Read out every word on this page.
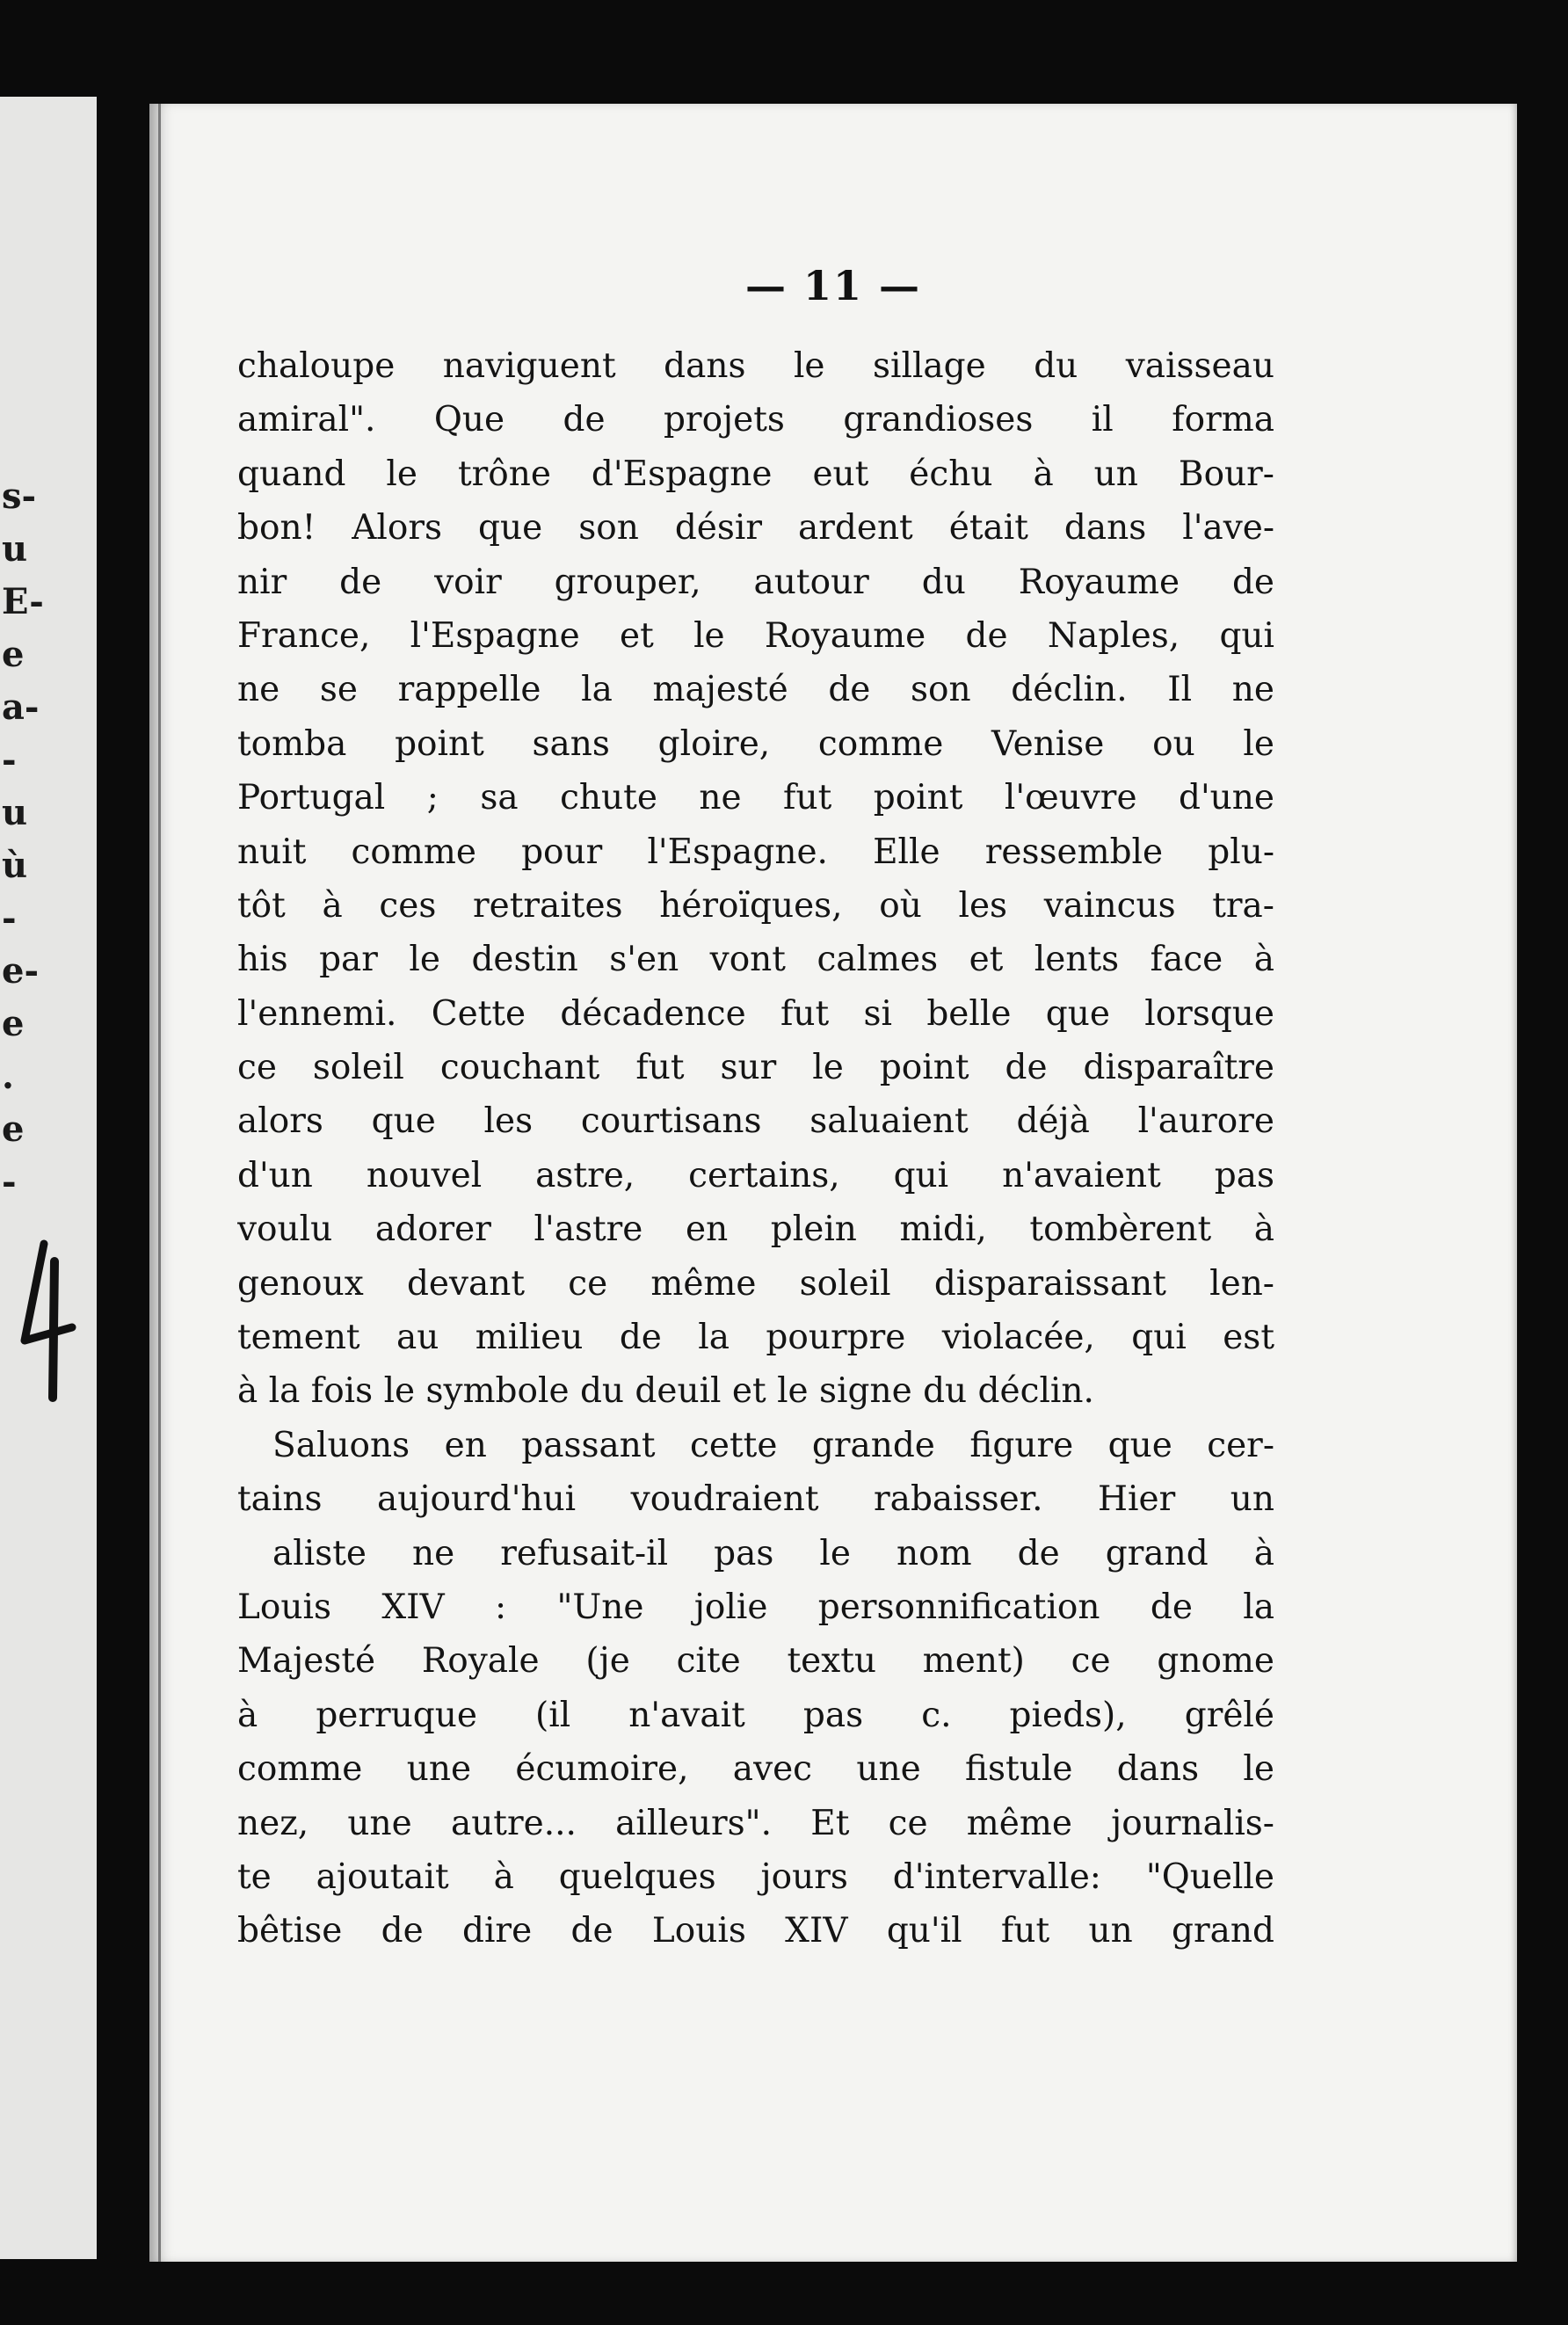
s-
u
E-
e
a-
-
u
ù
-
e-
e
.
e
-
— 11 —
chaloupe naviguent dans le sillage du vaisseau
amiral". Que de projets grandioses il forma
quand le trône d'Espagne eut échu à un Bour-
bon! Alors que son désir ardent était dans l'ave-
nir de voir grouper, autour du Royaume de
France, l'Espagne et le Royaume de Naples, qui
ne se rappelle la majesté de son déclin. Il ne
tomba point sans gloire, comme Venise ou le
Portugal ; sa chute ne fut point l'œuvre d'une
nuit comme pour l'Espagne. Elle ressemble plu-
tôt à ces retraites héroïques, où les vaincus tra-
his par le destin s'en vont calmes et lents face à
l'ennemi. Cette décadence fut si belle que lorsque
ce soleil couchant fut sur le point de disparaître
alors que les courtisans saluaient déjà l'aurore
d'un nouvel astre, certains, qui n'avaient pas
voulu adorer l'astre en plein midi, tombèrent à
genoux devant ce même soleil disparaissant len-
tement au milieu de la pourpre violacée, qui est
à la fois le symbole du deuil et le signe du déclin.
Saluons en passant cette grande figure que cer-
tains aujourd'hui voudraient rabaisser. Hier un
aliste ne refusait-il pas le nom de grand à
Louis XIV : "Une jolie personnification de la
Majesté Royale (je cite textu ment) ce gnome
à perruque (il n'avait pas c. pieds), grêlé
comme une écumoire, avec une fistule dans le
nez, une autre... ailleurs". Et ce même journalis-
te ajoutait à quelques jours d'intervalle: "Quelle
bêtise de dire de Louis XIV qu'il fut un grand
